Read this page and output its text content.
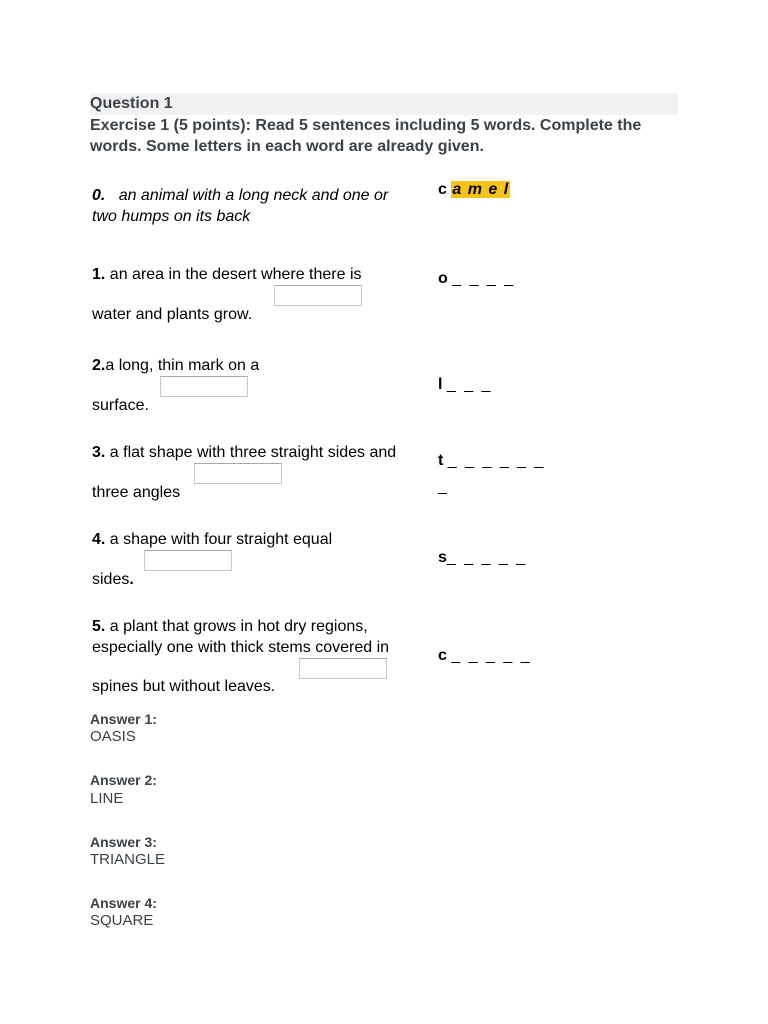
Question 1
Exercise 1 (5 points): Read 5 sentences including 5 words. Complete the words. Some letters in each word are already given.
0. an animal with a long neck and one or
two humps on its back
c a m e l
1. an area in the desert where there is
water and plants grow.
o _ _ _ _
2.a long, thin mark on a
surface.
l _ _ _
3. a flat shape with three straight sides and
three angles
t _ _ _ _ _ _
_
4. a shape with four straight equal
sides.
s_ _ _ _ _
5. a plant that grows in hot dry regions,
especially one with thick stems covered in
spines but without leaves.
c _ _ _ _ _
Answer 1:
OASIS
Answer 2:
LINE
Answer 3:
TRIANGLE
Answer 4:
SQUARE
